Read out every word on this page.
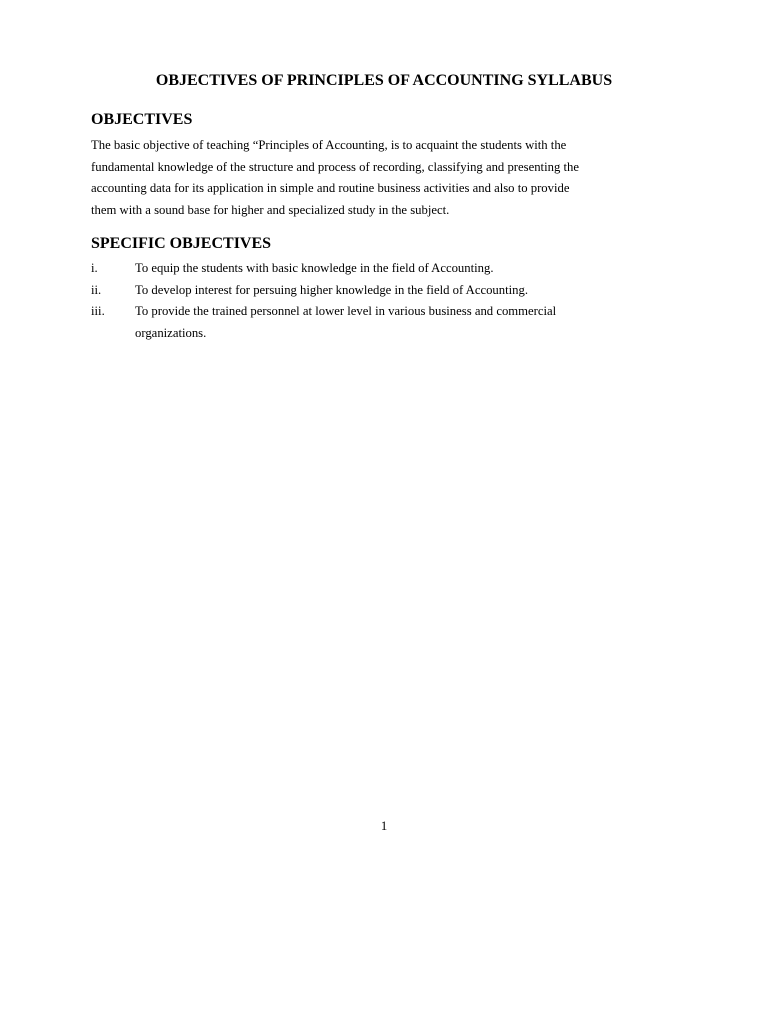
OBJECTIVES OF PRINCIPLES OF ACCOUNTING SYLLABUS
OBJECTIVES

The basic objective of teaching “Principles of Accounting, is to acquaint the students with the
fundamental knowledge of the structure and process of recording, classifying and presenting the
accounting data for its application in simple and routine business activities and also to provide
them with a sound base for higher and specialized study in the subject.

SPECIFIC OBJECTIVES
i.	To equip the students with basic knowledge in the field of Accounting.
ii.	To develop interest for persuing higher knowledge in the field of Accounting.
iii. To provide the trained personnel at lower level in various business and commercial
organizations.

1
